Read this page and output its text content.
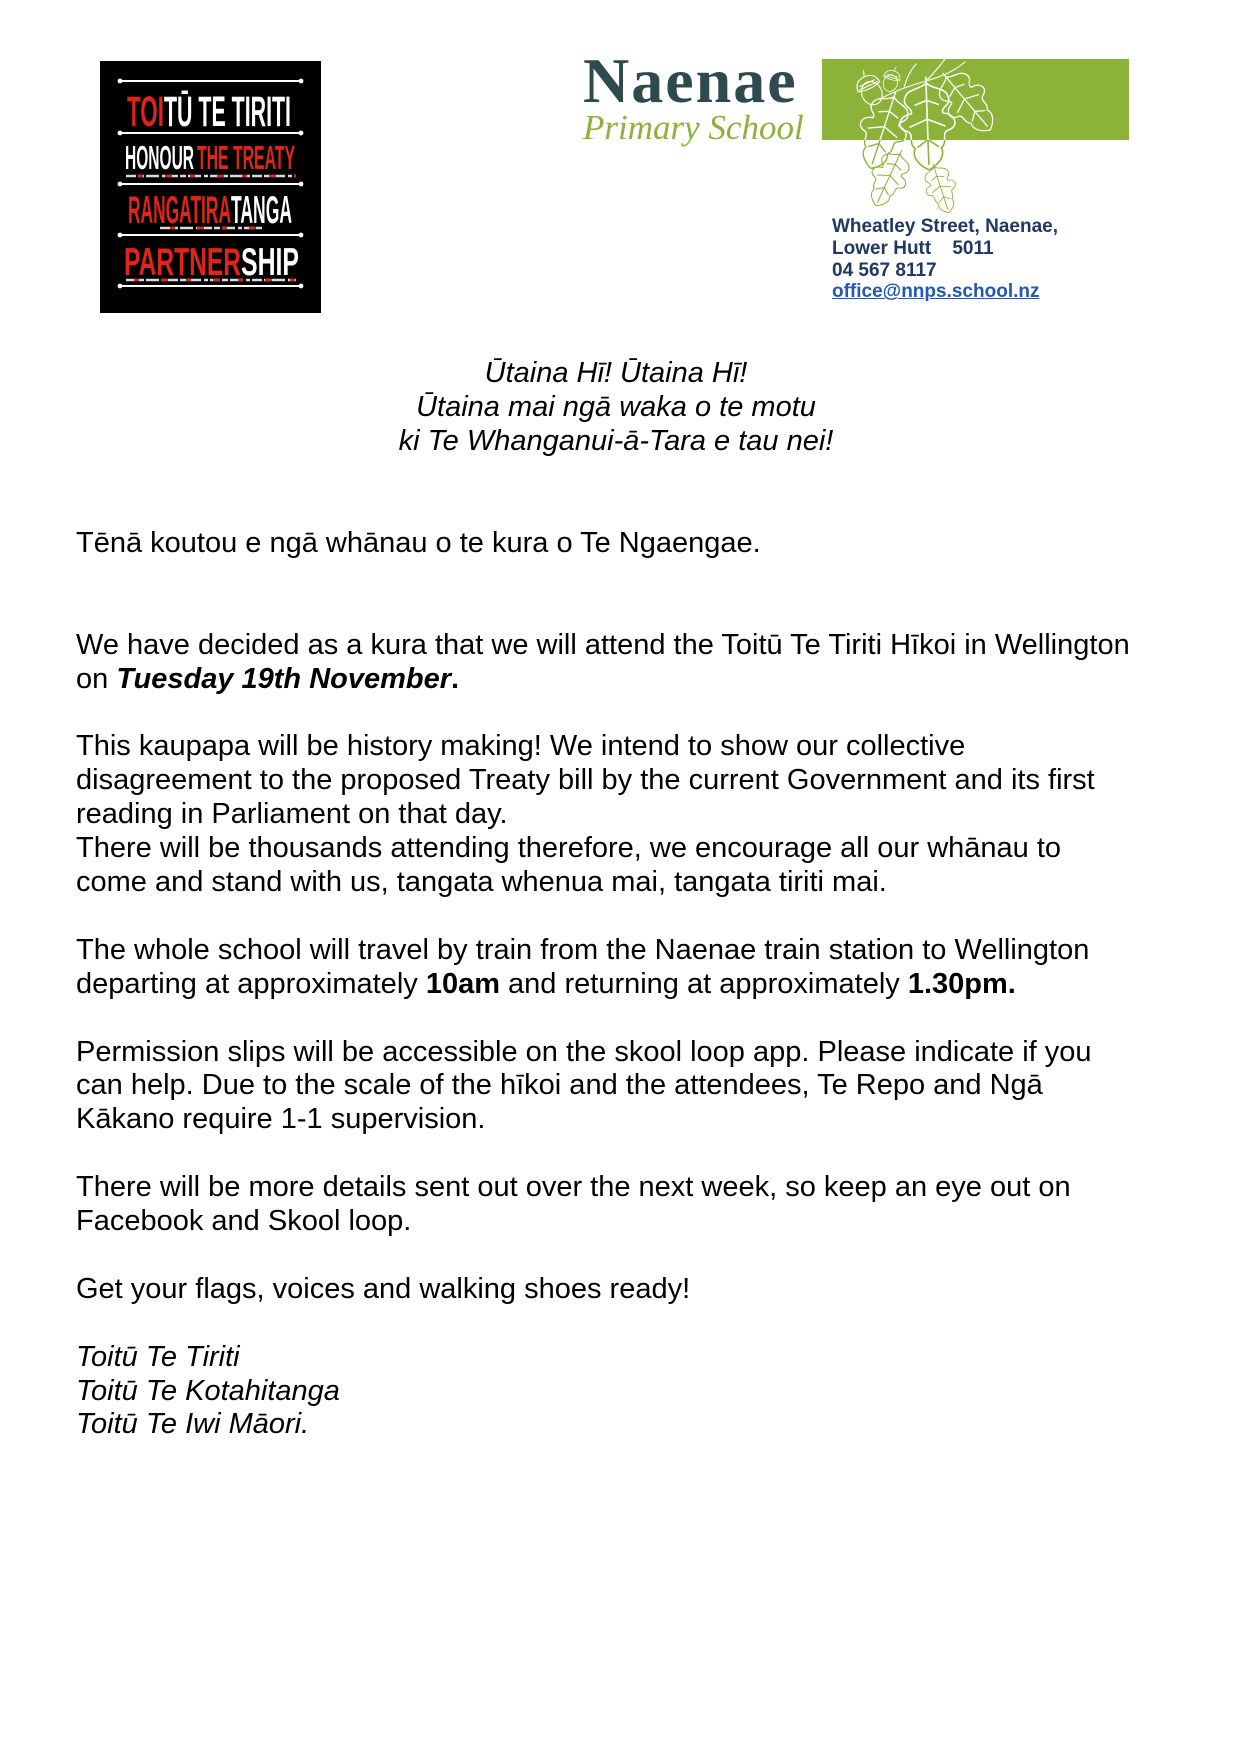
TOI TŪ TE TIRITI
HONOUR THE TREATY
RANGATIRA TANGA
PARTNER SHIP
Naenae
Primary School
Wheatley Street, Naenae,
Lower Hutt    5011
04 567 8117
office@nnps.school.nz
Ūtaina Hī! Ūtaina Hī!
Ūtaina mai ngā waka o te motu
ki Te Whanganui-ā-Tara e tau nei!
Tēnā koutou e ngā whānau o te kura o Te Ngaengae.
We have decided as a kura that we will attend the Toitū Te Tiriti Hīkoi in Wellington
on Tuesday 19th November.
This kaupapa will be history making! We intend to show our collective
disagreement to the proposed Treaty bill by the current Government and its first
reading in Parliament on that day.
There will be thousands attending therefore, we encourage all our whānau to
come and stand with us, tangata whenua mai, tangata tiriti mai.
The whole school will travel by train from the Naenae train station to Wellington
departing at approximately 10am and returning at approximately 1.30pm.
Permission slips will be accessible on the skool loop app. Please indicate if you
can help. Due to the scale of the hīkoi and the attendees, Te Repo and Ngā
Kākano require 1-1 supervision.
There will be more details sent out over the next week, so keep an eye out on
Facebook and Skool loop.
Get your flags, voices and walking shoes ready!
Toitū Te Tiriti
Toitū Te Kotahitanga
Toitū Te Iwi Māori.
